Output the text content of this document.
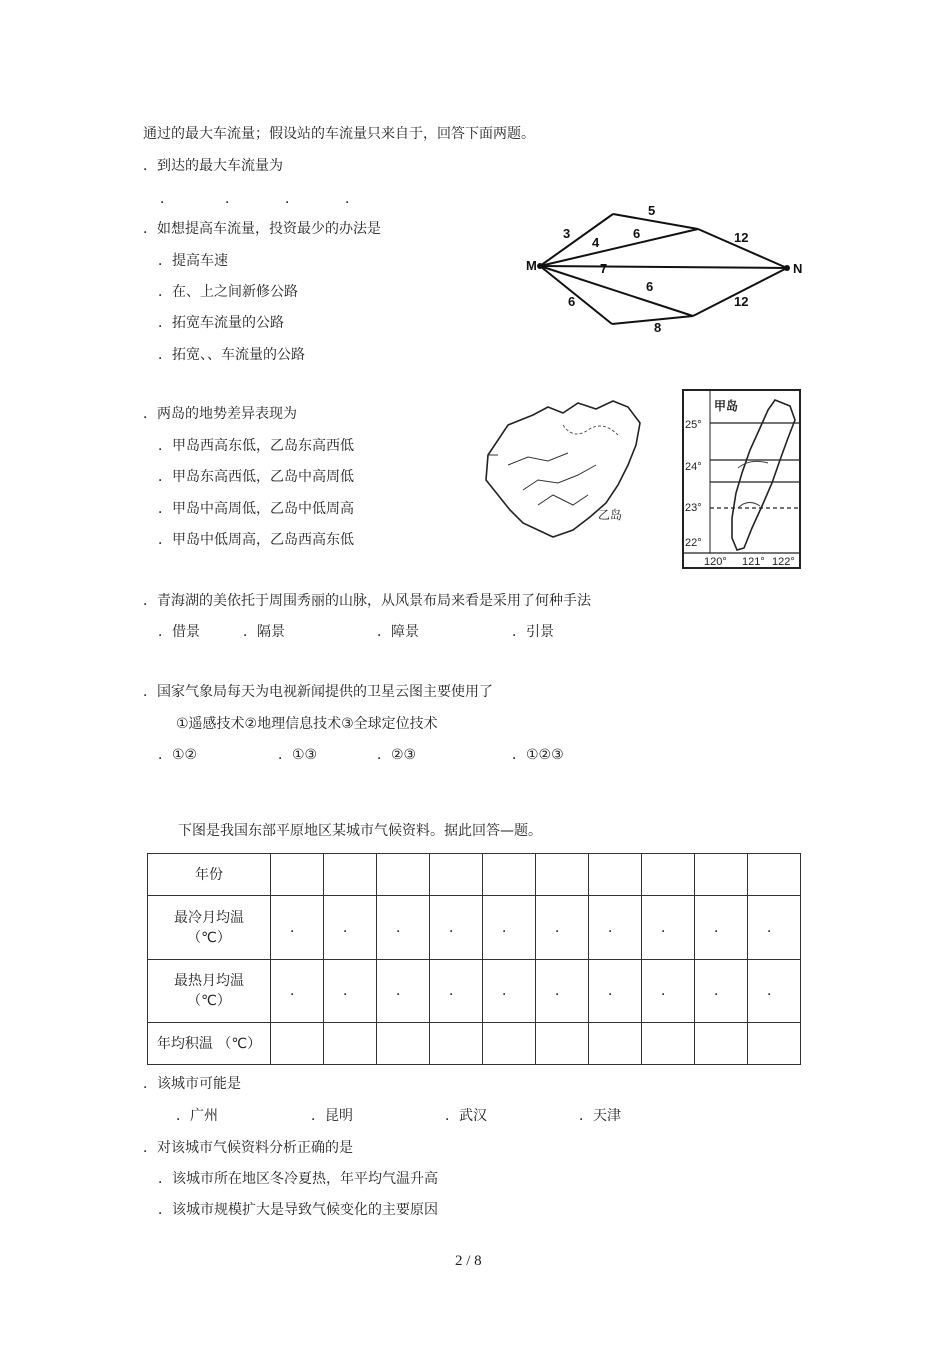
通过的最大车流量；假设站的车流量只来自于，回答下面两题。
．到达的最大车流量为
．	．	．	．
．如想提高车流量，投资最少的办法是
．提高车速
．在、上之间新修公路
．拓宽车流量的公路
．拓宽、、车流量的公路
M	N
3
5
4
6	12
7
6
6	12
8
．两岛的地势差异表现为
．甲岛西高东低，乙岛东高西低
．甲岛东高西低，乙岛中高周低
．甲岛中高周低，乙岛中低周高
．甲岛中低周高，乙岛西高东低
乙岛
甲岛
25°
24°
23°
22°
120° 121° 122°
．青海湖的美依托于周围秀丽的山脉，从风景布局来看是采用了何种手法
．借景	．隔景	．障景	．引景
．国家气象局每天为电视新闻提供的卫星云图主要使用了
①遥感技术②地理信息技术③全球定位技术
．①②	．①③	．②③	．①②③
下图是我国东部平原地区某城市气候资料。据此回答—题。
年份										
最冷月均温
（℃）	．	．	．	．	．	．	．	．	．	．
最热月均温
（℃）	．	．	．	．	．	．	．	．	．	．
年均积温 （℃）										
．该城市可能是
．广州	．昆明	．武汉	．天津
．对该城市气候资料分析正确的是
．该城市所在地区冬冷夏热，年平均气温升高
．该城市规模扩大是导致气候变化的主要原因
2 / 8
